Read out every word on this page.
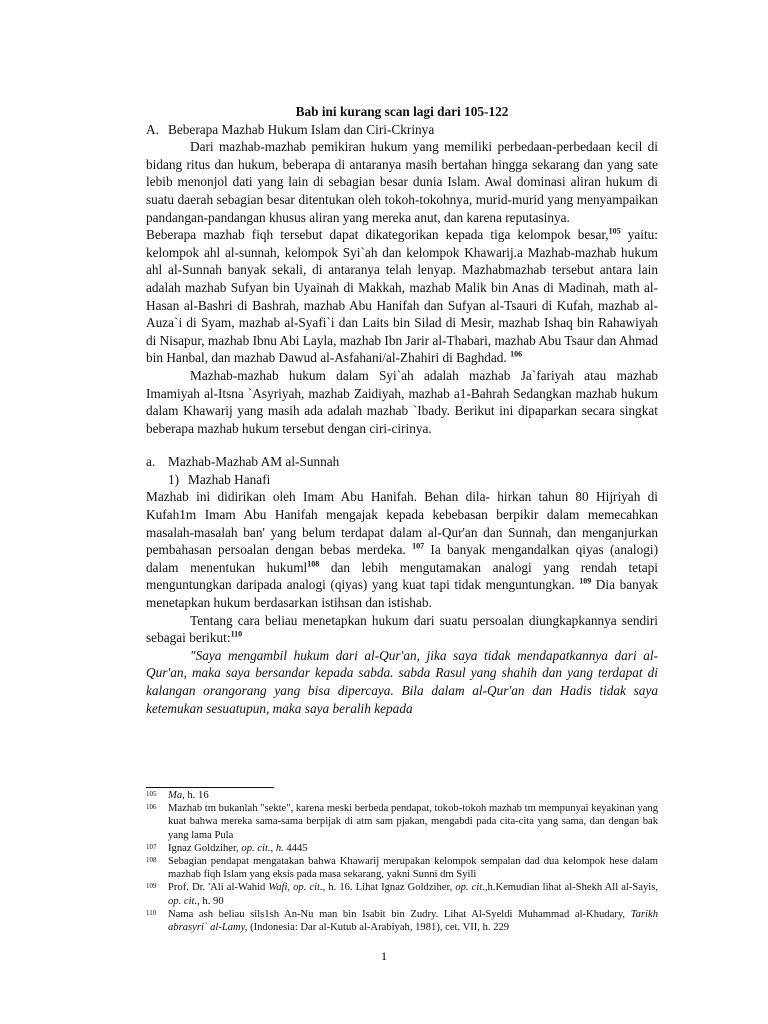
Bab ini kurang scan lagi dari 105-122

A. Beberapa Mazhab Hukum Islam dan Ciri-Ckrinya

Dari mazhab-mazhab pemikiran hukum yang memiliki perbedaan-perbedaan kecil di bidang ritus dan hukum, beberapa di antaranya masih bertahan hingga sekarang dan yang sate lebib menonjol dati yang lain di sebagian besar dunia Islam. Awal dominasi aliran hukum di suatu daerah sebagian besar ditentukan oleh tokoh-tokohnya, murid-murid yang menyampaikan pandangan-pandangan khusus aliran yang mereka anut, dan karena reputasinya.

Beberapa mazhab fiqh tersebut dapat dikategorikan kepada tiga kelompok besar,$^{105}$ yaitu: kelompok ahl al-sunnah, kelompok Syi`ah dan kelompok Khawarij.a Mazhab-mazhab hukum ahl al-Sunnah banyak sekali, di antaranya telah lenyap. Mazhabmazhab tersebut antara lain adalah mazhab Sufyan bin Uyainah di Makkah, mazhab Malik bin Anas di Madinah, math al-Hasan al-Bashri di Bashrah, mazhab Abu Hanifah dan Sufyan al-Tsauri di Kufah, mazhab al-Auza`i di Syam, mazhab al-Syafi`i dan Laits bin Silad di Mesir, mazhab Ishaq bin Rahawiyah di Nisapur, mazhab Ibnu Abi Layla, mazhab Ibn Jarir al-Thabari, mazhab Abu Tsaur dan Ahmad bin Hanbal, dan mazhab Dawud al-Asfahani/al-Zhahiri di Baghdad. $^{106}$

Mazhab-mazhab hukum dalam Syi`ah adalah mazhab Ja`fariyah atau mazhab Imamiyah al-Itsna `Asyriyah, mazhab Zaidiyah, mazhab a1-Bahrah Sedangkan mazhab hukum dalam Khawarij yang masih ada adalah mazhab `Ibady. Berikut ini dipaparkan secara singkat beberapa mazhab hukum tersebut dengan ciri-cirinya.

a. Mazhab-Mazhab AM al-Sunnah
1) Mazhab Hanafi

Mazhab ini didirikan oleh Imam Abu Hanifah. Behan dila- hirkan tahun 80 Hijriyah di Kufah1m Imam Abu Hanifah mengajak kepada kebebasan berpikir dalam memecahkan masalah-masalah ban' yang belum terdapat dalam al-Qur'an dan Sunnah, dan menganjurkan pembahasan persoalan dengan bebas merdeka. $^{107}$ Ia banyak mengandalkan qiyas (analogi) dalam menentukan hukuml$^{108}$ dan lebih mengutamakan analogi yang rendah tetapi menguntungkan daripada analogi (qiyas) yang kuat tapi tidak menguntungkan. $^{109}$ Dia banyak menetapkan hukum berdasarkan istihsan dan istishab.

Tentang cara beliau menetapkan hukum dari suatu persoalan diungkapkannya sendiri sebagai berikut:$^{110}$

"Saya mengambil hukum dari al-Qur'an, jika saya tidak mendapatkannya dari al-Qur'an, maka saya bersandar kepada sabda. sabda Rasul yang shahih dan yang terdapat di kalangan orangorang yang bisa dipercaya. Bila dalam al-Qur'an dan Hadis tidak saya ketemukan sesuatupun, maka saya beralih kepada

105	Ma, h. 16
106	Mazhab tm bukanlah "sekte", karena meski berbeda pendapat, tokob-tokoh mazhab tm mempunyai keyakinan yang kuat bahwa mereka sama-sama berpijak di atm sam pjakan, mengabdi pada cita-cita yang sama, dan dengan bak yang lama Pula
107	Ignaz Goldziher, op. cit., h. 4445
108	Sebagian pendapat mengatakan bahwa Khawarij merupakan kelompok sempalan dad dua kelompok hese dalam mazhab fiqh Islam yang eksis pada masa sekarang, yakni Sunni dm Syili
109	Prof. Dr. 'Ali al-Wahid Wafi, op. cit., h. 16. Lihat Ignaz Goldziher, op. cit.,h.Kemudian lihat al-Shekh All al-Sayis, op. cit., h. 90
110	Nama ash beliau sils1sh An-Nu man bin Isabit bin Zudry. Lihat Al-Syeldi Muhammad al-Khudary, Tarikh abrasyri` al-Lamy, (Indonesia: Dar al-Kutub al-Arabiyah, 1981), cet. VII, h. 229
1
